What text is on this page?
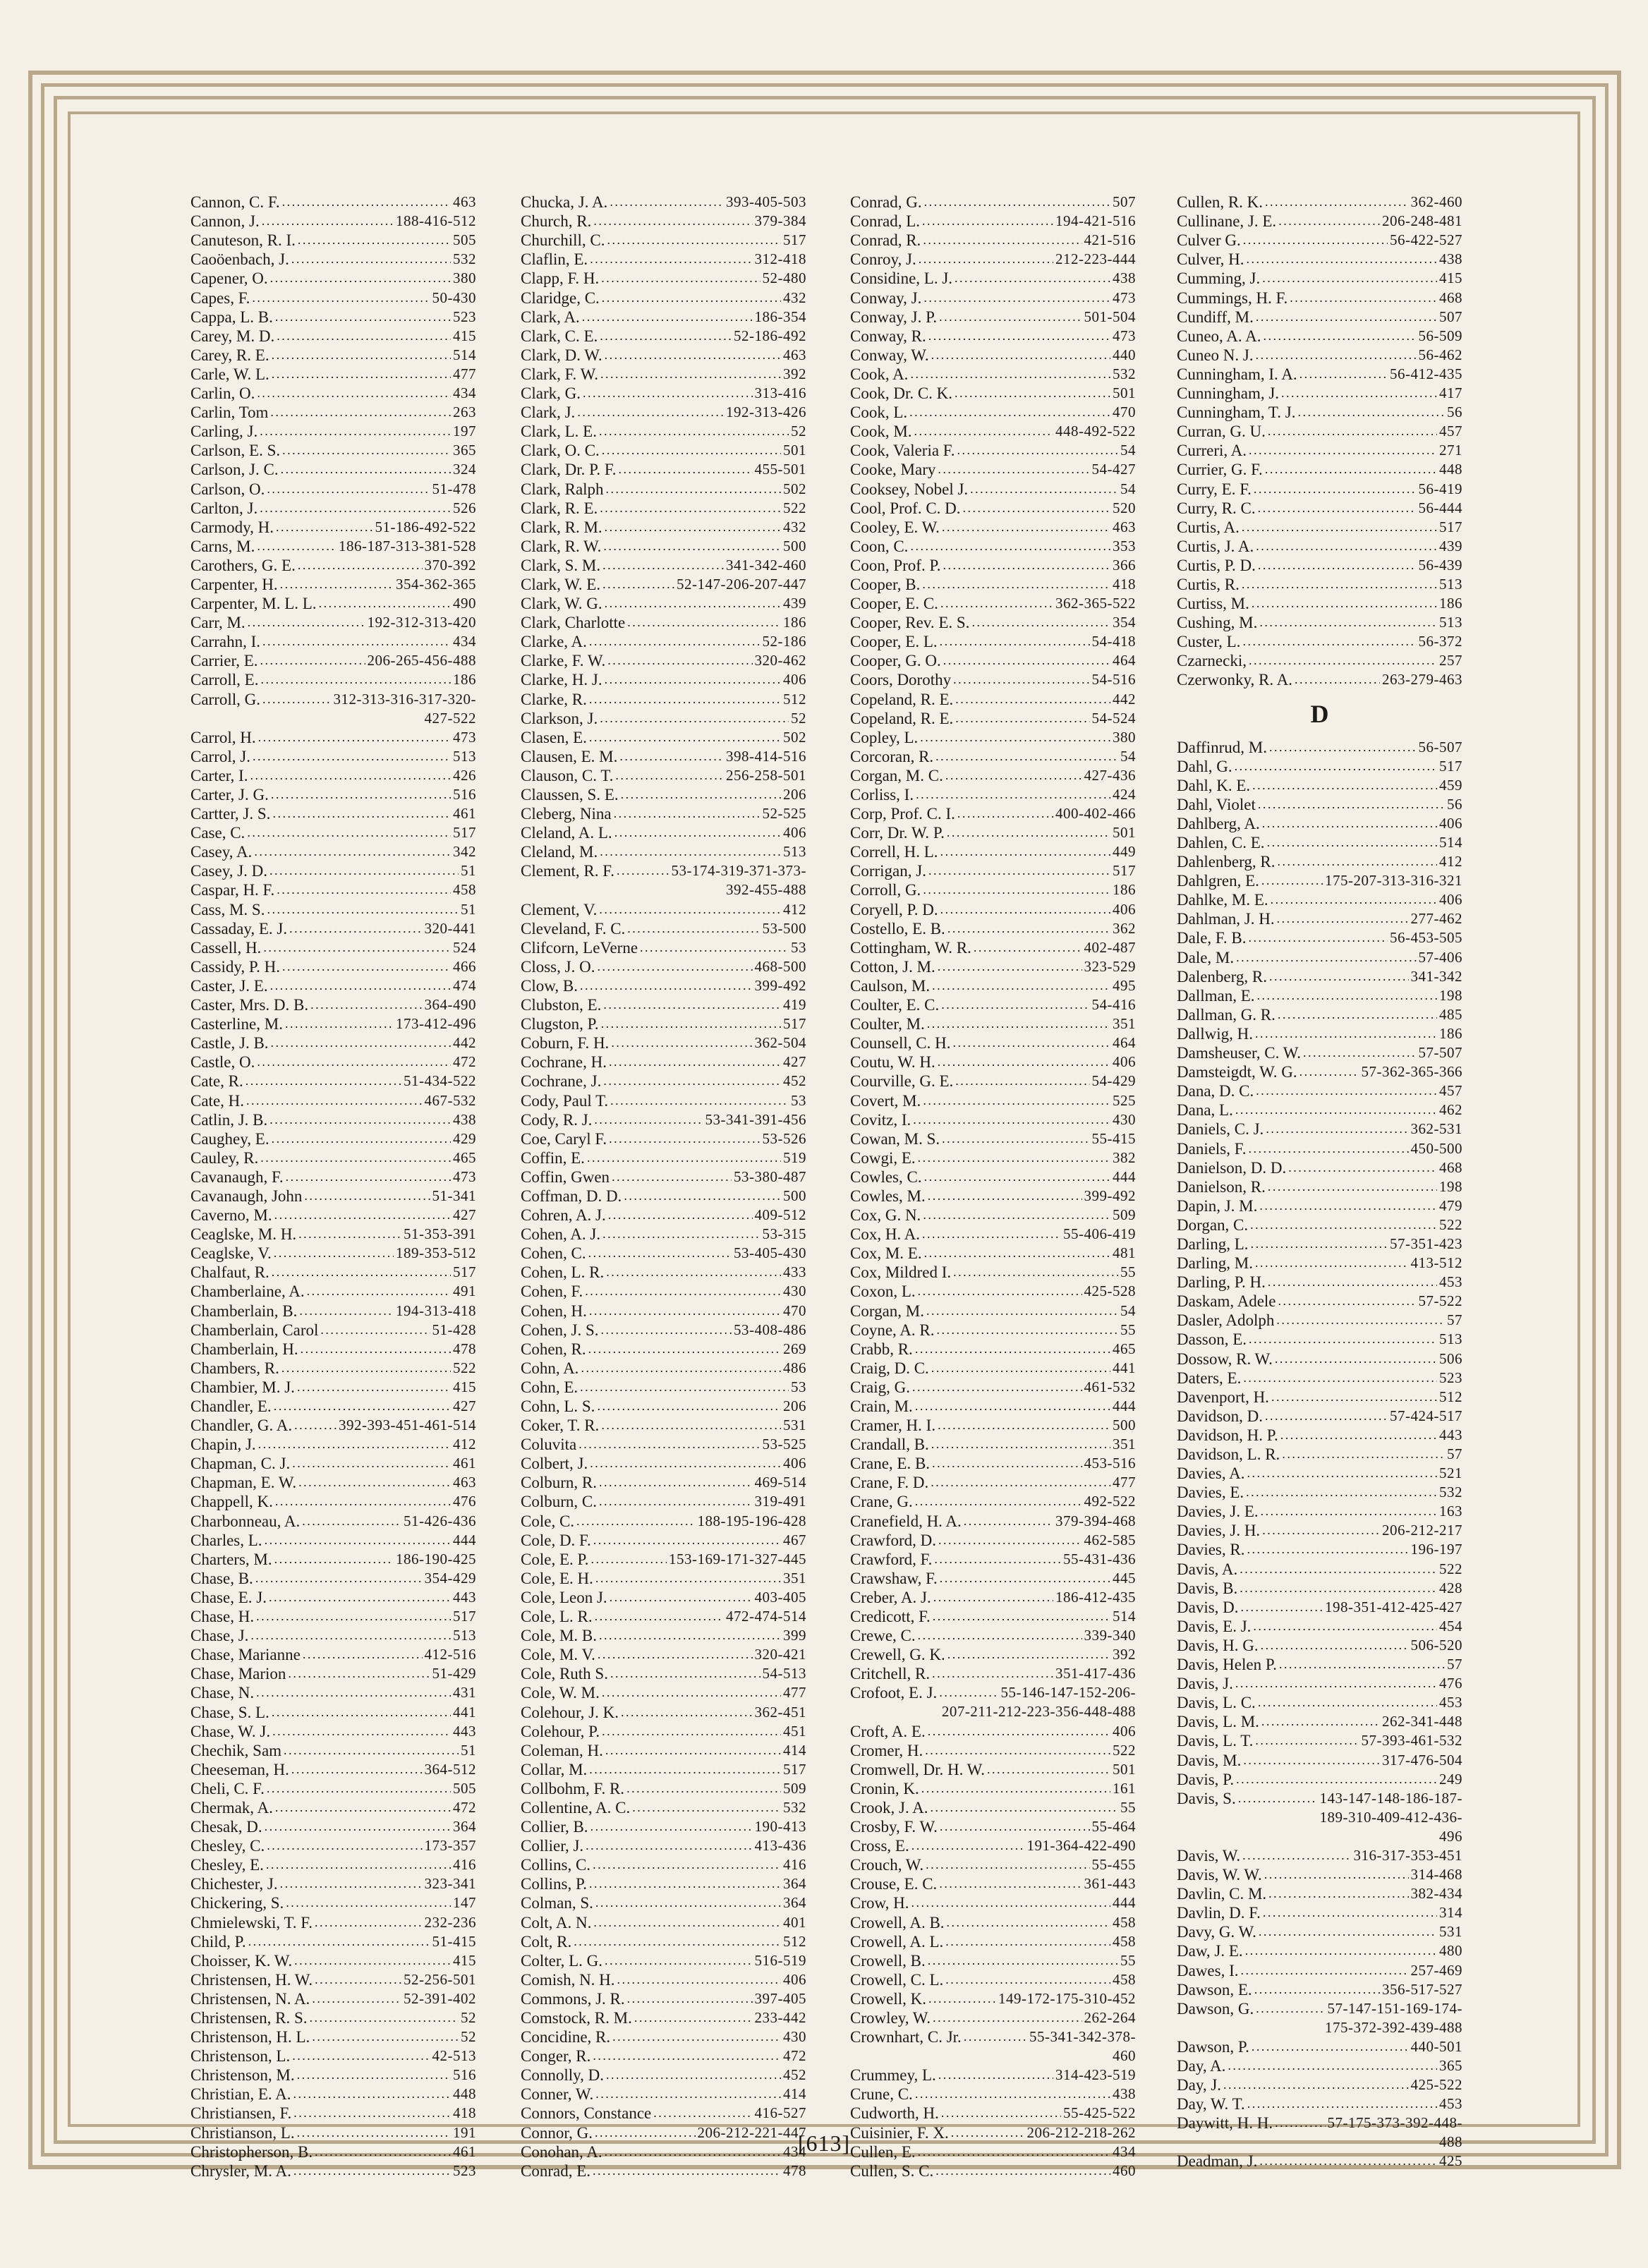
Cannon, C. F. . . .	463
Cannon, J. . . .	188-416-512
Canuteson, R. I. . . .	505
Caoöenbach, J. . . .	532
Capener, O. . . .	380
Capes, F. . . .	50-430
Cappa, L. B. . . .	523
Carey, M. D. . . .	415
Carey, R. E. . . .	514
Carle, W. L. . . .	477
Carlin, O. . . .	434
Carlin, Tom . . .	263
Carling, J. . . .	197
Carlson, E. S. . . .	365
Carlson, J. C. . . .	324
Carlson, O. . . .	51-478
Carlton, J. . . .	526
Carmody, H. . . .	51-186-492-522
Carns, M. . . .	186-187-313-381-528
Carothers, G. E. . . .	370-392
Carpenter, H. . . .	354-362-365
Carpenter, M. L. L. . . .	490
Carr, M. . . .	192-312-313-420
Carrahn, I. . . .	434
Carrier, E. . . .	206-265-456-488
Carroll, E. . . .	186
Carroll, G. . . .	312-313-316-317-320-
427-522
Carrol, H. . . .	473
Carrol, J. . . .	513
Carter, I. . . .	426
Carter, J. G. . . .	516
Cartter, J. S. . . .	461
Case, C. . . .	517
Casey, A. . . .	342
Casey, J. D. . . .	51
Caspar, H. F. . . .	458
Cass, M. S. . . .	51
Cassaday, E. J. . . .	320-441
Cassell, H. . . .	524
Cassidy, P. H. . . .	466
Caster, J. E. . . .	474
Caster, Mrs. D. B. . . .	364-490
Casterline, M. . . .	173-412-496
Castle, J. B. . . .	442
Castle, O. . . .	472
Cate, R. . . .	51-434-522
Cate, H. . . .	467-532
Catlin, J. B. . . .	438
Caughey, E. . . .	429
Cauley, R. . . .	465
Cavanaugh, F. . . .	473
Cavanaugh, John . . .	51-341
Caverno, M. . . .	427
Ceaglske, M. H. . . .	51-353-391
Ceaglske, V. . . .	189-353-512
Chalfaut, R. . . .	517
Chamberlaine, A. . . .	491
Chamberlain, B. . . .	194-313-418
Chamberlain, Carol . . .	51-428
Chamberlain, H. . . .	478
Chambers, R. . . .	522
Chambier, M. J. . . .	415
Chandler, E. . . .	427
Chandler, G. A. . . .	392-393-451-461-514
Chapin, J. . . .	412
Chapman, C. J. . . .	461
Chapman, E. W. . . .	463
Chappell, K. . . .	476
Charbonneau, A. . . .	51-426-436
Charles, L. . . .	444
Charters, M. . . .	186-190-425
Chase, B. . . .	354-429
Chase, E. J. . . .	443
Chase, H. . . .	517
Chase, J. . . .	513
Chase, Marianne . . .	412-516
Chase, Marion . . .	51-429
Chase, N. . . .	431
Chase, S. L. . . .	441
Chase, W. J. . . .	443
Chechik, Sam . . .	51
Cheeseman, H. . . .	364-512
Cheli, C. F. . . .	505
Chermak, A. . . .	472
Chesak, D. . . .	364
Chesley, C. . . .	173-357
Chesley, E. . . .	416
Chichester, J. . . .	323-341
Chickering, S. . . .	147
Chmielewski, T. F. . . .	232-236
Child, P. . . .	51-415
Choisser, K. W. . . .	415
Christensen, H. W. . . .	52-256-501
Christensen, N. A. . . .	52-391-402
Christensen, R. S. . . .	52
Christenson, H. L. . . .	52
Christenson, L. . . .	42-513
Christenson, M. . . .	516
Christian, E. A. . . .	448
Christiansen, F. . . .	418
Christianson, L. . . .	191
Christopherson, B. . . .	461
Chrysler, M. A. . . .	523
Chucka, J. A. . . .	393-405-503
Church, R. . . .	379-384
Churchill, C. . . .	517
Claflin, E. . . .	312-418
Clapp, F. H. . . .	52-480
Claridge, C. . . .	432
Clark, A. . . .	186-354
Clark, C. E. . . .	52-186-492
Clark, D. W. . . .	463
Clark, F. W. . . .	392
Clark, G. . . .	313-416
Clark, J. . . .	192-313-426
Clark, L. E. . . .	52
Clark, O. C. . . .	501
Clark, Dr. P. F. . . .	455-501
Clark, Ralph . . .	502
Clark, R. E. . . .	522
Clark, R. M. . . .	432
Clark, R. W. . . .	500
Clark, S. M. . . .	341-342-460
Clark, W. E. . . .	52-147-206-207-447
Clark, W. G. . . .	439
Clark, Charlotte . . .	186
Clarke, A. . . .	52-186
Clarke, F. W. . . .	320-462
Clarke, H. J. . . .	406
Clarke, R. . . .	512
Clarkson, J. . . .	52
Clasen, E. . . .	502
Clausen, E. M. . . .	398-414-516
Clauson, C. T. . . .	256-258-501
Claussen, S. E. . . .	206
Cleberg, Nina . . .	52-525
Cleland, A. L. . . .	406
Cleland, M. . . .	513
Clement, R. F. . . .	53-174-319-371-373-
392-455-488
Clement, V. . . .	412
Cleveland, F. C. . . .	53-500
Clifcorn, LeVerne . . .	53
Closs, J. O. . . .	468-500
Clow, B. . . .	399-492
Clubston, E. . . .	419
Clugston, P. . . .	517
Coburn, F. H. . . .	362-504
Cochrane, H. . . .	427
Cochrane, J. . . .	452
Cody, Paul T. . . .	53
Cody, R. J. . . .	53-341-391-456
Coe, Caryl F. . . .	53-526
Coffin, E. . . .	519
Coffin, Gwen . . .	53-380-487
Coffman, D. D. . . .	500
Cohren, A. J. . . .	409-512
Cohen, A. J. . . .	53-315
Cohen, C. . . .	53-405-430
Cohen, L. R. . . .	433
Cohen, F. . . .	430
Cohen, H. . . .	470
Cohen, J. S. . . .	53-408-486
Cohen, R. . . .	269
Cohn, A. . . .	486
Cohn, E. . . .	53
Cohn, L. S. . . .	206
Coker, T. R. . . .	531
Coluvita . . .	53-525
Colbert, J. . . .	406
Colburn, R. . . .	469-514
Colburn, C. . . .	319-491
Cole, C. . . .	188-195-196-428
Cole, D. F. . . .	467
Cole, E. P. . . .	153-169-171-327-445
Cole, E. H. . . .	351
Cole, Leon J. . . .	403-405
Cole, L. R. . . .	472-474-514
Cole, M. B. . . .	399
Cole, M. V. . . .	320-421
Cole, Ruth S. . . .	54-513
Cole, W. M. . . .	477
Colehour, J. K. . . .	362-451
Colehour, P. . . .	451
Coleman, H. . . .	414
Collar, M. . . .	517
Collbohm, F. R. . . .	509
Collentine, A. C. . . .	532
Collier, B. . . .	190-413
Collier, J. . . .	413-436
Collins, C. . . .	416
Collins, P. . . .	364
Colman, S. . . .	364
Colt, A. N. . . .	401
Colt, R. . . .	512
Colter, L. G. . . .	516-519
Comish, N. H. . . .	406
Commons, J. R. . . .	397-405
Comstock, R. M. . . .	233-442
Concidine, R. . . .	430
Conger, R. . . .	472
Connolly, D. . . .	452
Conner, W. . . .	414
Connors, Constance . . .	416-527
Connor, G. . . .	206-212-221-447
Conohan, A. . . .	434
Conrad, E. . . .	478
Conrad, G. . . .	507
Conrad, L. . . .	194-421-516
Conrad, R. . . .	421-516
Conroy, J. . . .	212-223-444
Considine, L. J. . . .	438
Conway, J. . . .	473
Conway, J. P. . . .	501-504
Conway, R. . . .	473
Conway, W. . . .	440
Cook, A. . . .	532
Cook, Dr. C. K. . . .	501
Cook, L. . . .	470
Cook, M. . . .	448-492-522
Cook, Valeria F. . . .	54
Cooke, Mary . . .	54-427
Cooksey, Nobel J. . . .	54
Cool, Prof. C. D. . . .	520
Cooley, E. W. . . .	463
Coon, C. . . .	353
Coon, Prof. P. . . .	366
Cooper, B. . . .	418
Cooper, E. C. . . .	362-365-522
Cooper, Rev. E. S. . . .	354
Cooper, E. L. . . .	54-418
Cooper, G. O. . . .	464
Coors, Dorothy . . .	54-516
Copeland, R. E. . . .	442
Copeland, R. E. . . .	54-524
Copley, L. . . .	380
Corcoran, R. . . .	54
Corgan, M. C. . . .	427-436
Corliss, I. . . .	424
Corp, Prof. C. I. . . .	400-402-466
Corr, Dr. W. P. . . .	501
Correll, H. L. . . .	449
Corrigan, J. . . .	517
Corroll, G. . . .	186
Coryell, P. D. . . .	406
Costello, E. B. . . .	362
Cottingham, W. R. . . .	402-487
Cotton, J. M. . . .	323-529
Caulson, M. . . .	495
Coulter, E. C. . . .	54-416
Coulter, M. . . .	351
Counsell, C. H. . . .	464
Coutu, W. H. . . .	406
Courville, G. E. . . .	54-429
Covert, M. . . .	525
Covitz, I. . . .	430
Cowan, M. S. . . .	55-415
Cowgi, E. . . .	382
Cowles, C. . . .	444
Cowles, M. . . .	399-492
Cox, G. N. . . .	509
Cox, H. A. . . .	55-406-419
Cox, M. E. . . .	481
Cox, Mildred I. . . .	55
Coxon, L. . . .	425-528
Corgan, M. . . .	54
Coyne, A. R. . . .	55
Crabb, R. . . .	465
Craig, D. C. . . .	441
Craig, G. . . .	461-532
Crain, M. . . .	444
Cramer, H. I. . . .	500
Crandall, B. . . .	351
Crane, E. B. . . .	453-516
Crane, F. D. . . .	477
Crane, G. . . .	492-522
Cranefield, H. A. . . .	379-394-468
Crawford, D. . . .	462-585
Crawford, F. . . .	55-431-436
Crawshaw, F. . . .	445
Creber, A. J. . . .	186-412-435
Credicott, F. . . .	514
Crewe, C. . . .	339-340
Crewell, G. K. . . .	392
Critchell, R. . . .	351-417-436
Crofoot, E. J. . . .	55-146-147-152-206-
207-211-212-223-356-448-488
Croft, A. E. . . .	406
Cromer, H. . . .	522
Cromwell, Dr. H. W. . . .	501
Cronin, K. . . .	161
Crook, J. A. . . .	55
Crosby, F. W. . . .	55-464
Cross, E. . . .	191-364-422-490
Crouch, W. . . .	55-455
Crouse, E. C. . . .	361-443
Crow, H. . . .	444
Crowell, A. B. . . .	458
Crowell, A. L. . . .	458
Crowell, B. . . .	55
Crowell, C. L. . . .	458
Crowell, K. . . .	149-172-175-310-452
Crowley, W. . . .	262-264
Crownhart, C. Jr. . . .	55-341-342-378-
460
Crummey, L. . . .	314-423-519
Crune, C. . . .	438
Cudworth, H. . . .	55-425-522
Cuisinier, F. X. . . .	206-212-218-262
Cullen, E. . . .	434
Cullen, S. C. . . .	460
Cullen, R. K. . . .	362-460
Cullinane, J. E. . . .	206-248-481
Culver G. . . .	56-422-527
Culver, H. . . .	438
Cumming, J. . . .	415
Cummings, H. F. . . .	468
Cundiff, M. . . .	507
Cuneo, A. A. . . .	56-509
Cuneo N. J. . . .	56-462
Cunningham, I. A. . . .	56-412-435
Cunningham, J. . . .	417
Cunningham, T. J. . . .	56
Curran, G. U. . . .	457
Curreri, A. . . .	271
Currier, G. F. . . .	448
Curry, E. F. . . .	56-419
Curry, R. C. . . .	56-444
Curtis, A. . . .	517
Curtis, J. A. . . .	439
Curtis, P. D. . . .	56-439
Curtis, R. . . .	513
Curtiss, M. . . .	186
Cushing, M. . . .	513
Custer, L. . . .	56-372
Czarnecki, . . .	257
Czerwonky, R. A. . . .	263-279-463
D
Daffinrud, M. . . .	56-507
Dahl, G. . . .	517
Dahl, K. E. . . .	459
Dahl, Violet . . .	56
Dahlberg, A. . . .	406
Dahlen, C. E. . . .	514
Dahlenberg, R. . . .	412
Dahlgren, E. . . .	175-207-313-316-321
Dahlke, M. E. . . .	406
Dahlman, J. H. . . .	277-462
Dale, F. B. . . .	56-453-505
Dale, M. . . .	57-406
Dalenberg, R. . . .	341-342
Dallman, E. . . .	198
Dallman, G. R. . . .	485
Dallwig, H. . . .	186
Damsheuser, C. W. . . .	57-507
Damsteigdt, W. G. . . .	57-362-365-366
Dana, D. C. . . .	457
Dana, L. . . .	462
Daniels, C. J. . . .	362-531
Daniels, F. . . .	450-500
Danielson, D. D. . . .	468
Danielson, R. . . .	198
Dapin, J. M. . . .	479
Dorgan, C. . . .	522
Darling, L. . . .	57-351-423
Darling, M. . . .	413-512
Darling, P. H. . . .	453
Daskam, Adele . . .	57-522
Dasler, Adolph . . .	57
Dasson, E. . . .	513
Dossow, R. W. . . .	506
Daters, E. . . .	523
Davenport, H. . . .	512
Davidson, D. . . .	57-424-517
Davidson, H. P. . . .	443
Davidson, L. R. . . .	57
Davies, A. . . .	521
Davies, E. . . .	532
Davies, J. E. . . .	163
Davies, J. H. . . .	206-212-217
Davies, R. . . .	196-197
Davis, A. . . .	522
Davis, B. . . .	428
Davis, D. . . .	198-351-412-425-427
Davis, E. J. . . .	454
Davis, H. G. . . .	506-520
Davis, Helen P. . . .	57
Davis, J. . . .	476
Davis, L. C. . . .	453
Davis, L. M. . . .	262-341-448
Davis, L. T. . . .	57-393-461-532
Davis, M. . . .	317-476-504
Davis, P. . . .	249
Davis, S. . . .	143-147-148-186-187-
189-310-409-412-436-
496
Davis, W. . . .	316-317-353-451
Davis, W. W. . . .	314-468
Davlin, C. M. . . .	382-434
Davlin, D. F. . . .	314
Davy, G. W. . . .	531
Daw, J. E. . . .	480
Dawes, I. . . .	257-469
Dawson, E. . . .	356-517-527
Dawson, G. . . .	57-147-151-169-174-
175-372-392-439-488
Dawson, P. . . .	440-501
Day, A. . . .	365
Day, J. . . .	425-522
Day, W. T. . . .	453
Daywitt, H. H. . . .	57-175-373-392-448-
488
Deadman, J. . . .	425
[613]
